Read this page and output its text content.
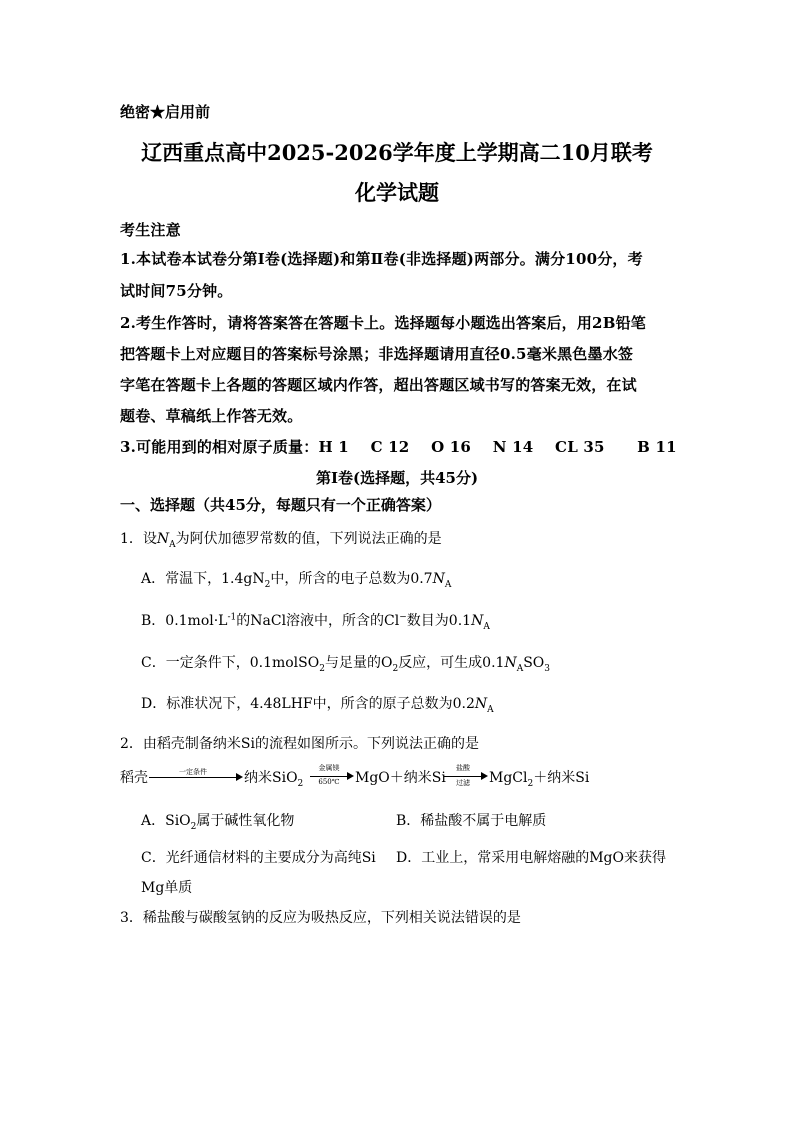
绝密★启用前
辽西重点高中2025-2026学年度上学期高二10月联考
化学试题
考生注意
1.本试卷本试卷分第Ⅰ卷(选择题)和第Ⅱ卷(非选择题)两部分。满分100分，考
试时间75分钟。
2.考生作答时，请将答案答在答题卡上。选择题每小题选出答案后，用2B铅笔
把答题卡上对应题目的答案标号涂黑；非选择题请用直径0.5毫米黑色墨水签
字笔在答题卡上各题的答题区域内作答，超出答题区域书写的答案无效，在试
题卷、草稿纸上作答无效。
3.可能用到的相对原子质量：H 1    C 12    O 16    N 14    CL 35      B 11
第Ⅰ卷(选择题，共45分)
一、选择题（共45分，每题只有一个正确答案）
1．设$N_A$为阿伏加德罗常数的值，下列说法正确的是
A．常温下，$1.4gN_2$中，所含的电子总数为$0.7N_A$
B．$0.1mol\cdot L^{-1}$的NaCl溶液中，所含的Cl−数目为$0.1N_A$
C．一定条件下，0.1molSO$_2$与足量的$O_2$反应，可生成$0.1N_ASO_3$
D．标准状况下，4.48LHF中，所含的原子总数为$0.2N_A$
2．由稻壳制备纳米Si的流程如图所示。下列说法正确的是
稻壳	一定条件	纳米SiO$_2$
金属镁
650℃	MgO＋纳米Si
盐酸
过滤	MgCl$_2$＋纳米Si
A．SiO$_2$属于碱性氧化物	B．稀盐酸不属于电解质
C．光纤通信材料的主要成分为高纯Si D．工业上，常采用电解熔融的MgO来获得
Mg单质
3．稀盐酸与碳酸氢钠的反应为吸热反应，下列相关说法错误的是
